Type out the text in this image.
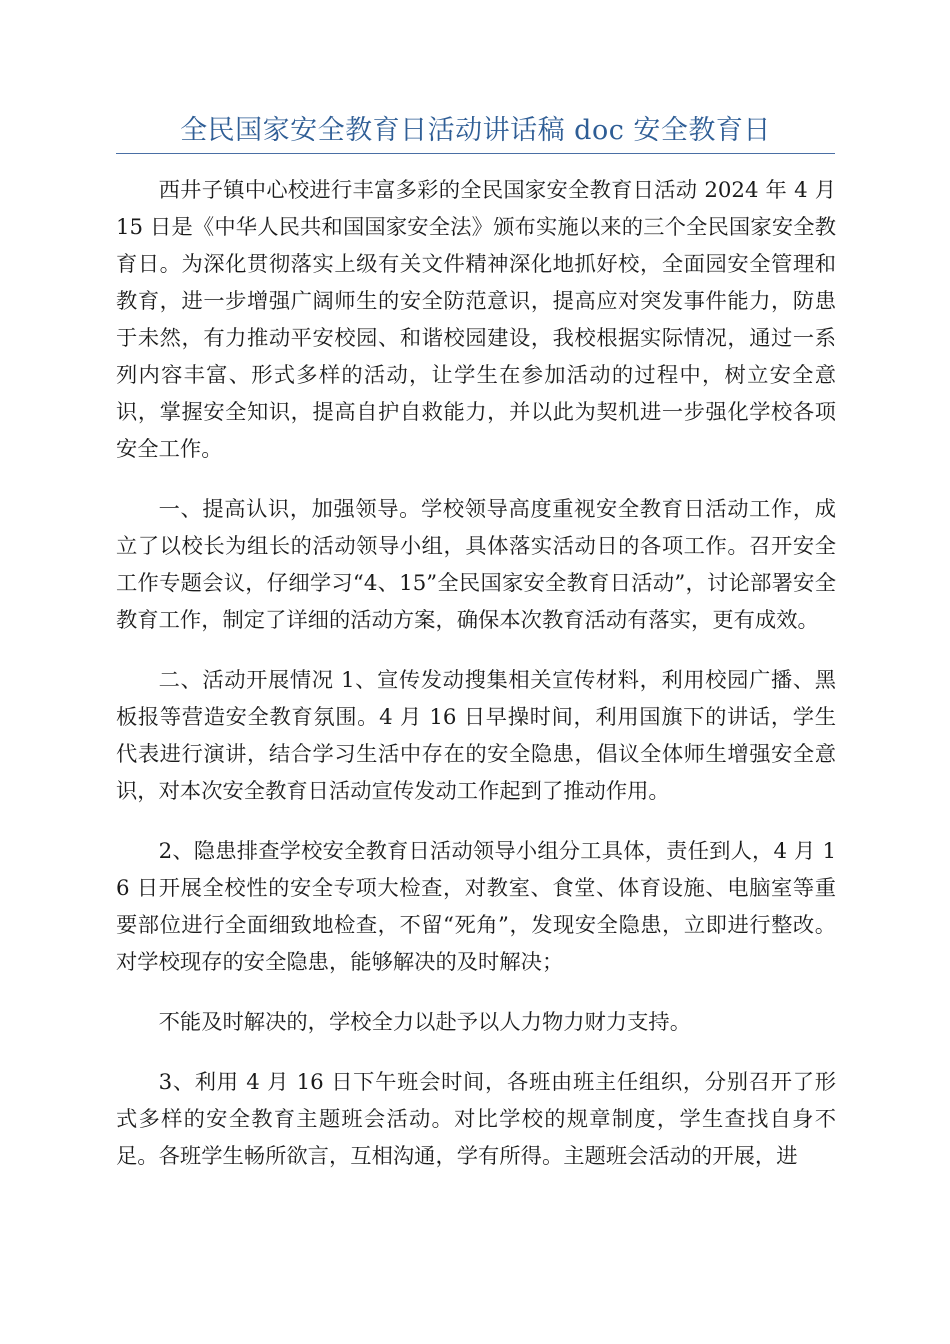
全民国家安全教育日活动讲话稿 doc 安全教育日

西井子镇中心校进行丰富多彩的全民国家安全教育日活动 2024 年 4 月 15 日是《中华人民共和国国家安全法》颁布实施以来的三个全民国家安全教育日。为深化贯彻落实上级有关文件精神深化地抓好校，全面园安全管理和教育，进一步增强广阔师生的安全防范意识，提高应对突发事件能力，防患于未然，有力推动平安校园、和谐校园建设，我校根据实际情况，通过一系列内容丰富、形式多样的活动，让学生在参加活动的过程中，树立安全意识，掌握安全知识，提高自护自救能力，并以此为契机进一步强化学校各项安全工作。

一、提高认识，加强领导。学校领导高度重视安全教育日活动工作，成立了以校长为组长的活动领导小组，具体落实活动日的各项工作。召开安全工作专题会议，仔细学习“4、15”全民国家安全教育日活动”，讨论部署安全教育工作，制定了详细的活动方案，确保本次教育活动有落实，更有成效。

二、活动开展情况 1、宣传发动搜集相关宣传材料，利用校园广播、黑板报等营造安全教育氛围。4 月 16 日早操时间，利用国旗下的讲话，学生代表进行演讲，结合学习生活中存在的安全隐患，倡议全体师生增强安全意识，对本次安全教育日活动宣传发动工作起到了推动作用。

2、隐患排查学校安全教育日活动领导小组分工具体，责任到人，4 月 16 日开展全校性的安全专项大检查，对教室、食堂、体育设施、电脑室等重要部位进行全面细致地检查，不留“死角”，发现安全隐患，立即进行整改。对学校现存的安全隐患，能够解决的及时解决；

不能及时解决的，学校全力以赴予以人力物力财力支持。

3、利用 4 月 16 日下午班会时间，各班由班主任组织，分别召开了形式多样的安全教育主题班会活动。对比学校的规章制度，学生查找自身不足。各班学生畅所欲言，互相沟通，学有所得。主题班会活动的开展，进
